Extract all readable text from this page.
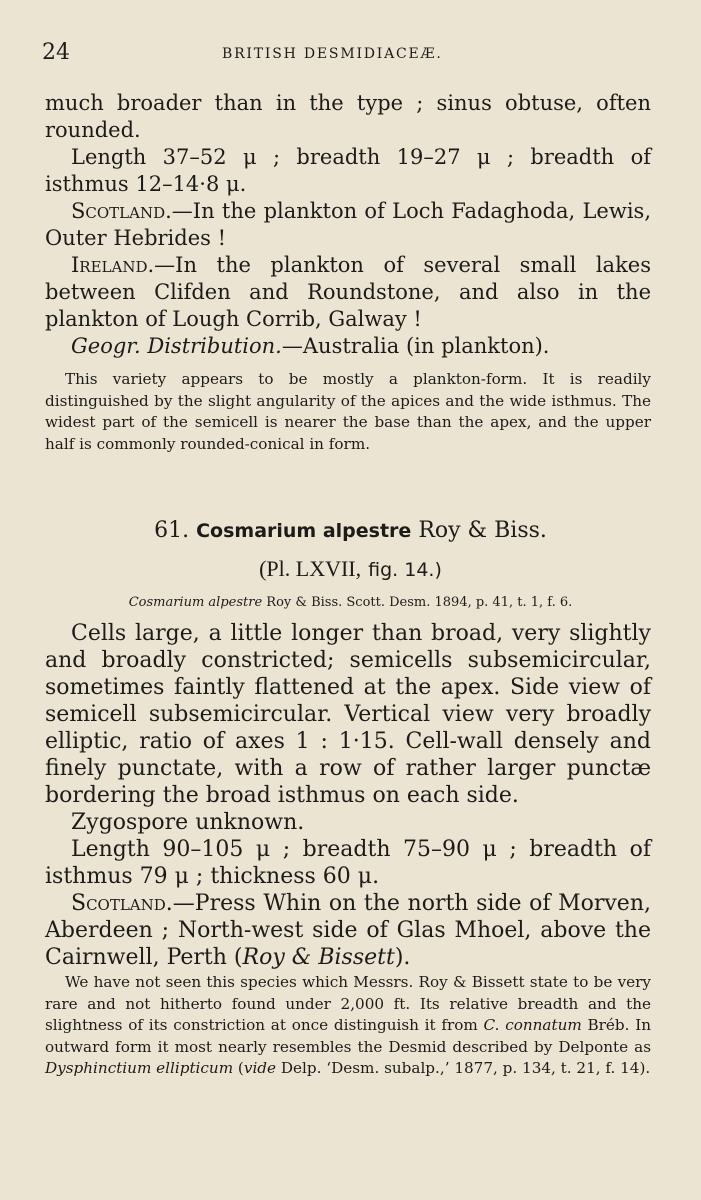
24	BRITISH DESMIDIACEÆ.

much broader than in the type ; sinus obtuse, often rounded.

Length 37–52 μ ; breadth 19–27 μ ; breadth of isthmus 12–14·8 μ.

Scotland.—In the plankton of Loch Fadaghoda, Lewis, Outer Hebrides !

Ireland.—In the plankton of several small lakes between Clifden and Roundstone, and also in the plankton of Lough Corrib, Galway !

Geogr. Distribution.—Australia (in plankton).

This variety appears to be mostly a plankton-form. It is readily distinguished by the slight angularity of the apices and the wide isthmus. The widest part of the semicell is nearer the base than the apex, and the upper half is commonly rounded-conical in form.

61. Cosmarium alpestre Roy & Biss.
(Pl. LXVII, fig. 14.)
Cosmarium alpestre Roy & Biss. Scott. Desm. 1894, p. 41, t. 1, f. 6.

Cells large, a little longer than broad, very slightly and broadly constricted; semicells subsemicircular, sometimes faintly flattened at the apex. Side view of semicell subsemicircular. Vertical view very broadly elliptic, ratio of axes 1 : 1·15. Cell-wall densely and finely punctate, with a row of rather larger punctæ bordering the broad isthmus on each side.

Zygospore unknown.

Length 90–105 μ ; breadth 75–90 μ ; breadth of isthmus 79 μ ; thickness 60 μ.

Scotland.—Press Whin on the north side of Morven, Aberdeen ; North-west side of Glas Mhoel, above the Cairnwell, Perth (Roy & Bissett).

We have not seen this species which Messrs. Roy & Bissett state to be very rare and not hitherto found under 2,000 ft. Its relative breadth and the slightness of its constriction at once distinguish it from C. connatum Bréb. In outward form it most nearly resembles the Desmid described by Delponte as Dysphinctium ellipticum (vide Delp. ‘Desm. subalp.,’ 1877, p. 134, t. 21, f. 14).
